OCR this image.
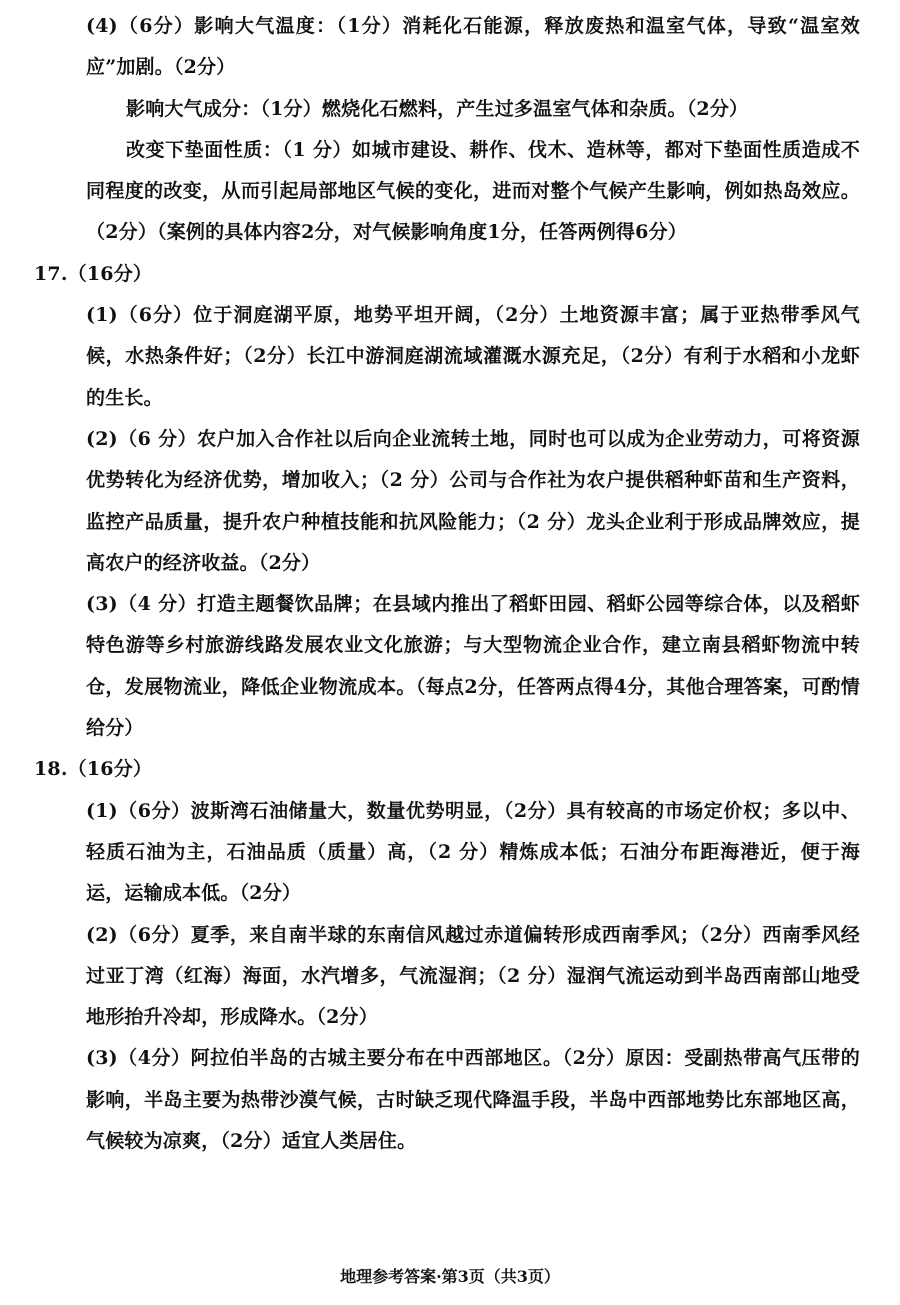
(4)（6分）影响大气温度：（1分）消耗化石能源，释放废热和温室气体，导致“温室效应”加剧。（2分）

影响大气成分：（1分）燃烧化石燃料，产生过多温室气体和杂质。（2分）

改变下垫面性质：（1 分）如城市建设、耕作、伐木、造林等，都对下垫面性质造成不同程度的改变，从而引起局部地区气候的变化，进而对整个气候产生影响，例如热岛效应。（2分）（案例的具体内容2分，对气候影响角度1分，任答两例得6分）

17.（16分）

(1)（6分）位于洞庭湖平原，地势平坦开阔，（2分）土地资源丰富；属于亚热带季风气候，水热条件好；（2分）长江中游洞庭湖流域灌溉水源充足，（2分）有利于水稻和小龙虾的生长。

(2)（6 分）农户加入合作社以后向企业流转土地，同时也可以成为企业劳动力，可将资源优势转化为经济优势，增加收入；（2 分）公司与合作社为农户提供稻种虾苗和生产资料，监控产品质量，提升农户种植技能和抗风险能力；（2 分）龙头企业利于形成品牌效应，提高农户的经济收益。（2分）

(3)（4 分）打造主题餐饮品牌；在县域内推出了稻虾田园、稻虾公园等综合体，以及稻虾特色游等乡村旅游线路发展农业文化旅游；与大型物流企业合作，建立南县稻虾物流中转仓，发展物流业，降低企业物流成本。（每点2分，任答两点得4分，其他合理答案，可酌情给分）

18.（16分）

(1)（6分）波斯湾石油储量大，数量优势明显，（2分）具有较高的市场定价权；多以中、轻质石油为主，石油品质（质量）高，（2 分）精炼成本低；石油分布距海港近，便于海运，运输成本低。（2分）

(2)（6分）夏季，来自南半球的东南信风越过赤道偏转形成西南季风；（2分）西南季风经过亚丁湾（红海）海面，水汽增多，气流湿润；（2 分）湿润气流运动到半岛西南部山地受地形抬升冷却，形成降水。（2分）

(3)（4分）阿拉伯半岛的古城主要分布在中西部地区。（2分）原因：受副热带高气压带的影响，半岛主要为热带沙漠气候，古时缺乏现代降温手段，半岛中西部地势比东部地区高，气候较为凉爽，（2分）适宜人类居住。

地理参考答案·第3页（共3页）
